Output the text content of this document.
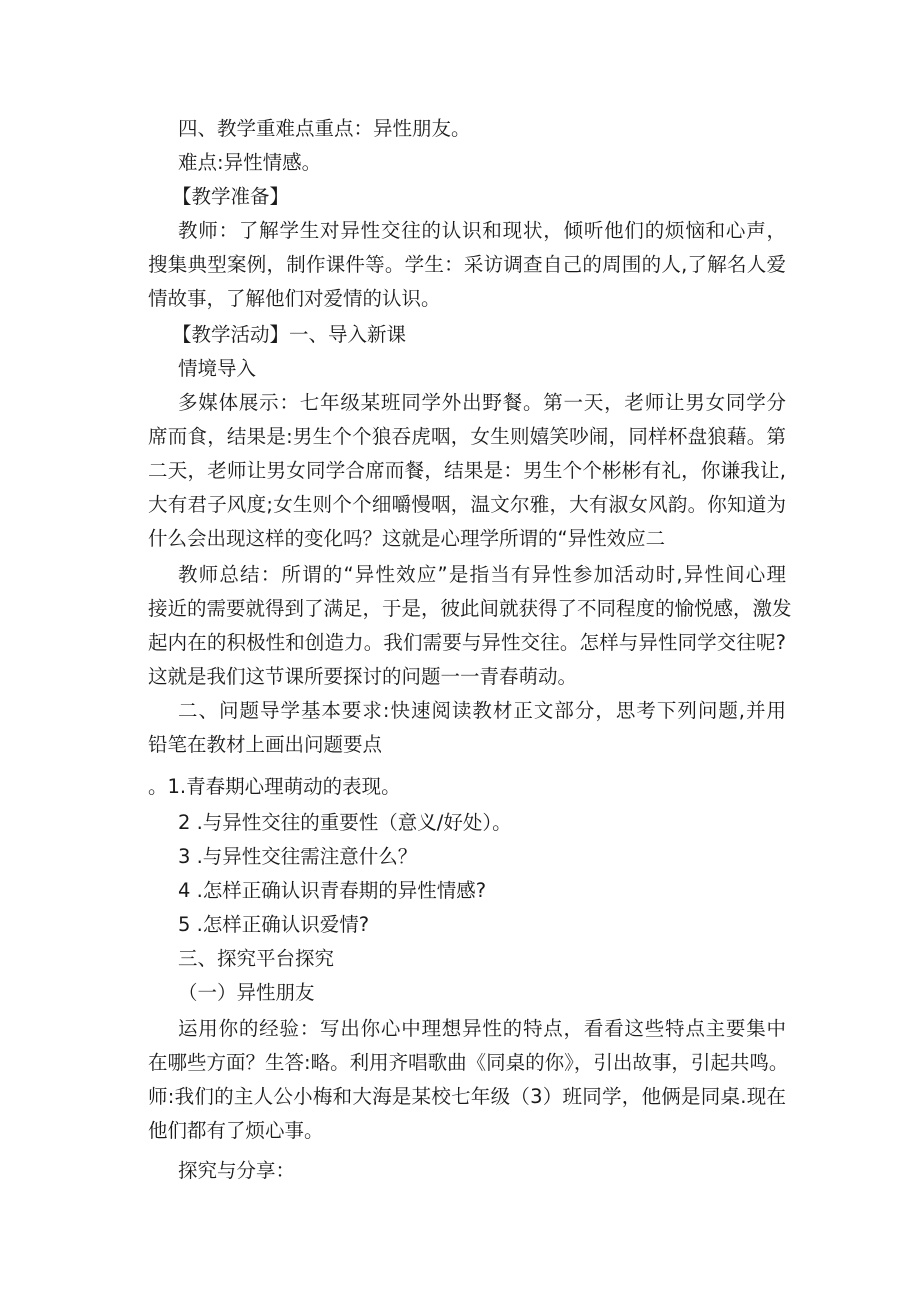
四、教学重难点重点：异性朋友。
难点:异性情感。
【教学准备】
教师：了解学生对异性交往的认识和现状，倾听他们的烦恼和心声，
搜集典型案例，制作课件等。学生：采访调查自己的周围的人,了解名人爱
情故事，了解他们对爱情的认识。
【教学活动】一、导入新课
情境导入
多媒体展示：七年级某班同学外出野餐。第一天，老师让男女同学分
席而食，结果是:男生个个狼吞虎咽，女生则嬉笑吵闹，同样杯盘狼藉。第
二天，老师让男女同学合席而餐，结果是：男生个个彬彬有礼，你谦我让,
大有君子风度;女生则个个细嚼慢咽，温文尔雅，大有淑女风韵。你知道为
什么会出现这样的变化吗？这就是心理学所谓的“异性效应二
教师总结：所谓的“异性效应”是指当有异性参加活动时,异性间心理
接近的需要就得到了满足，于是，彼此间就获得了不同程度的愉悦感，激发
起内在的积极性和创造力。我们需要与异性交往。怎样与异性同学交往呢?
这就是我们这节课所要探讨的问题一一青春萌动。
二、问题导学基本要求:快速阅读教材正文部分，思考下列问题,并用
铅笔在教材上画出问题要点
。1.青春期心理萌动的表现。
2 .与异性交往的重要性（意义/好处）。
3 .与异性交往需注意什么？
4 .怎样正确认识青春期的异性情感?
5 .怎样正确认识爱情?
三、探究平台探究
（一）异性朋友
运用你的经验：写出你心中理想异性的特点，看看这些特点主要集中
在哪些方面？生答:略。利用齐唱歌曲《同桌的你》，引出故事，引起共鸣。
师:我们的主人公小梅和大海是某校七年级（3）班同学，他俩是同桌.现在
他们都有了烦心事。
探究与分享：
